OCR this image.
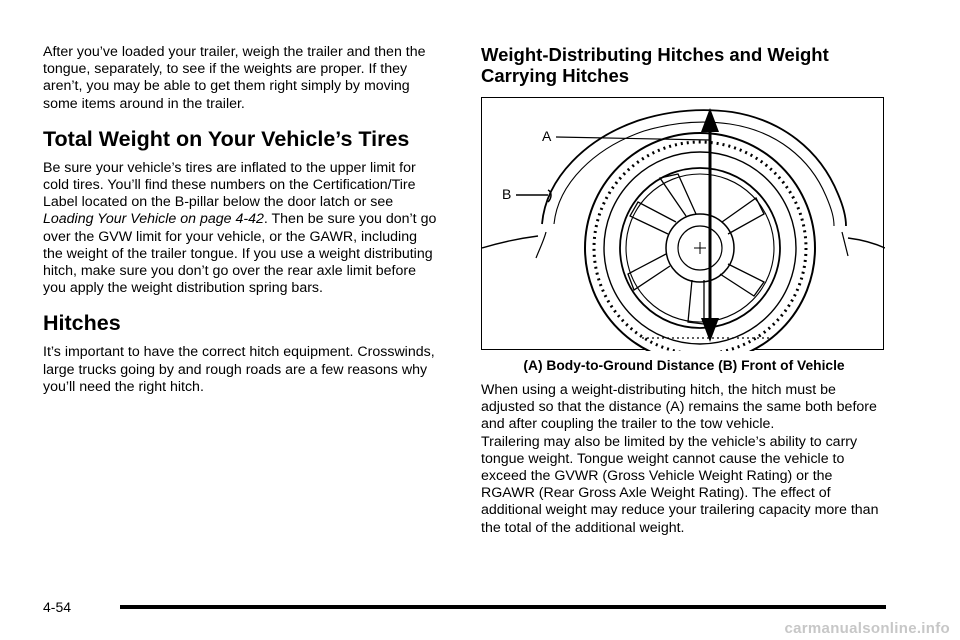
After you’ve loaded your trailer, weigh the trailer and then the tongue, separately, to see if the weights are proper. If they aren’t, you may be able to get them right simply by moving some items around in the trailer.

Total Weight on Your Vehicle’s Tires

Be sure your vehicle’s tires are inflated to the upper limit for cold tires. You’ll find these numbers on the Certification/Tire Label located on the B-pillar below the door latch or see Loading Your Vehicle on page 4-42. Then be sure you don’t go over the GVW limit for your vehicle, or the GAWR, including the weight of the trailer tongue. If you use a weight distributing hitch, make sure you don’t go over the rear axle limit before you apply the weight distribution spring bars.

Hitches

It’s important to have the correct hitch equipment. Crosswinds, large trucks going by and rough roads are a few reasons why you’ll need the right hitch.

Weight-Distributing Hitches and Weight Carrying Hitches
A
B
(A) Body-to-Ground Distance (B) Front of Vehicle

When using a weight-distributing hitch, the hitch must be adjusted so that the distance (A) remains the same both before and after coupling the trailer to the tow vehicle.

Trailering may also be limited by the vehicle’s ability to carry tongue weight. Tongue weight cannot cause the vehicle to exceed the GVWR (Gross Vehicle Weight Rating) or the RGAWR (Rear Gross Axle Weight Rating). The effect of additional weight may reduce your trailering capacity more than the total of the additional weight.

4-54
carmanualsonline.info
